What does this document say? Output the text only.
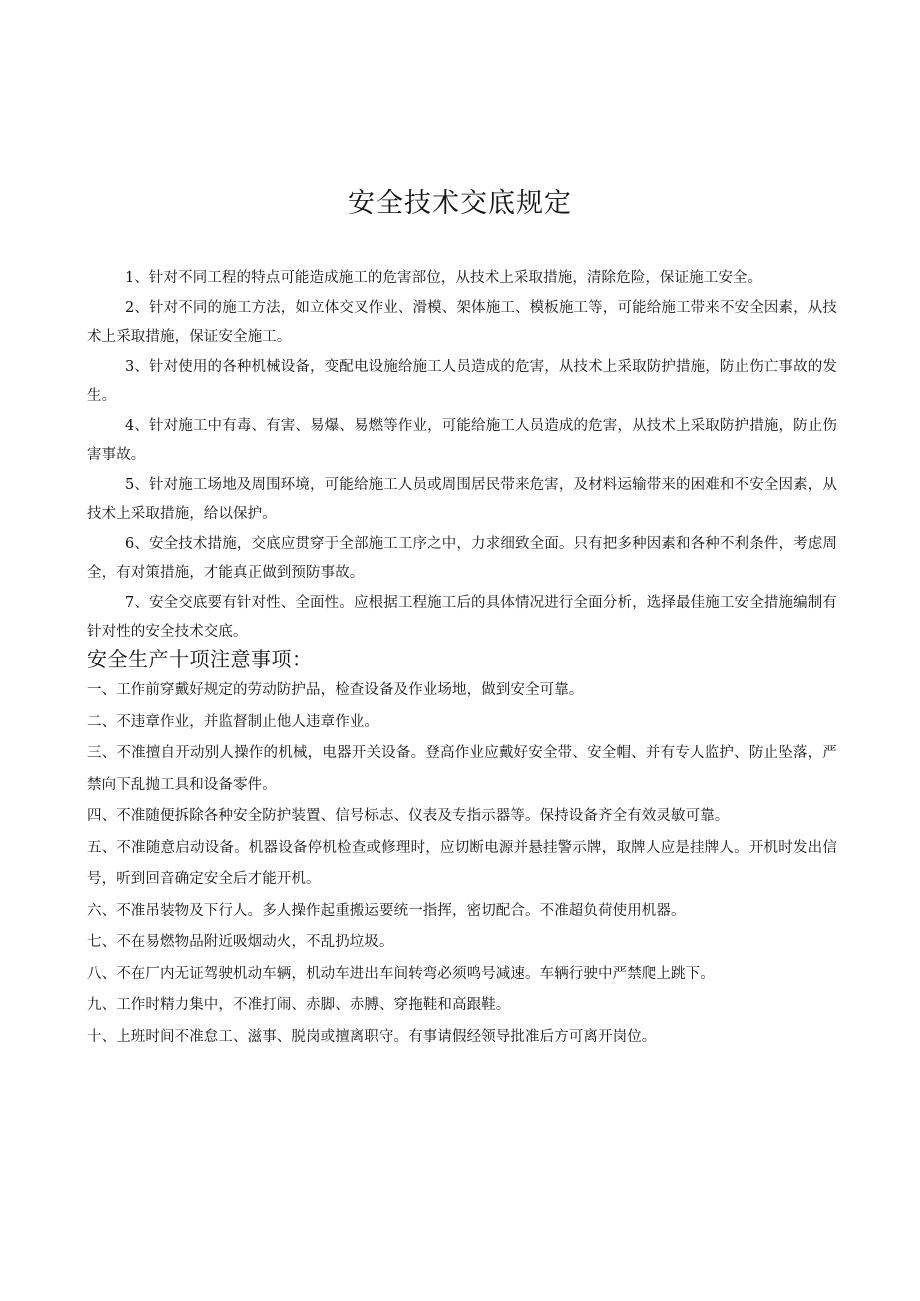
安全技术交底规定
1、针对不同工程的特点可能造成施工的危害部位，从技术上采取措施，清除危险，保证施工安全。
2、针对不同的施工方法，如立体交叉作业、滑模、架体施工、模板施工等，可能给施工带来不安全因素，从技术上采取措施，保证安全施工。
3、针对使用的各种机械设备，变配电设施给施工人员造成的危害，从技术上采取防护措施，防止伤亡事故的发生。
4、针对施工中有毒、有害、易爆、易燃等作业，可能给施工人员造成的危害，从技术上采取防护措施，防止伤害事故。
5、针对施工场地及周围环境，可能给施工人员或周围居民带来危害，及材料运输带来的困难和不安全因素，从技术上采取措施，给以保护。
6、安全技术措施，交底应贯穿于全部施工工序之中，力求细致全面。只有把多种因素和各种不利条件，考虑周全，有对策措施，才能真正做到预防事故。
7、安全交底要有针对性、全面性。应根据工程施工后的具体情况进行全面分析，选择最佳施工安全措施编制有针对性的安全技术交底。
安全生产十项注意事项：
一、工作前穿戴好规定的劳动防护品，检查设备及作业场地，做到安全可靠。
二、不违章作业，并监督制止他人违章作业。
三、不准擅自开动别人操作的机械，电器开关设备。登高作业应戴好安全带、安全帽、并有专人监护、防止坠落，严禁向下乱抛工具和设备零件。
四、不准随便拆除各种安全防护装置、信号标志、仪表及专指示器等。保持设备齐全有效灵敏可靠。
五、不准随意启动设备。机器设备停机检查或修理时，应切断电源并悬挂警示牌，取牌人应是挂牌人。开机时发出信号，听到回音确定安全后才能开机。
六、不准吊装物及下行人。多人操作起重搬运要统一指挥，密切配合。不准超负荷使用机器。
七、不在易燃物品附近吸烟动火，不乱扔垃圾。
八、不在厂内无证驾驶机动车辆，机动车进出车间转弯必须鸣号减速。车辆行驶中严禁爬上跳下。
九、工作时精力集中，不准打闹、赤脚、赤膊、穿拖鞋和高跟鞋。
十、上班时间不准怠工、滋事、脱岗或擅离职守。有事请假经领导批准后方可离开岗位。
